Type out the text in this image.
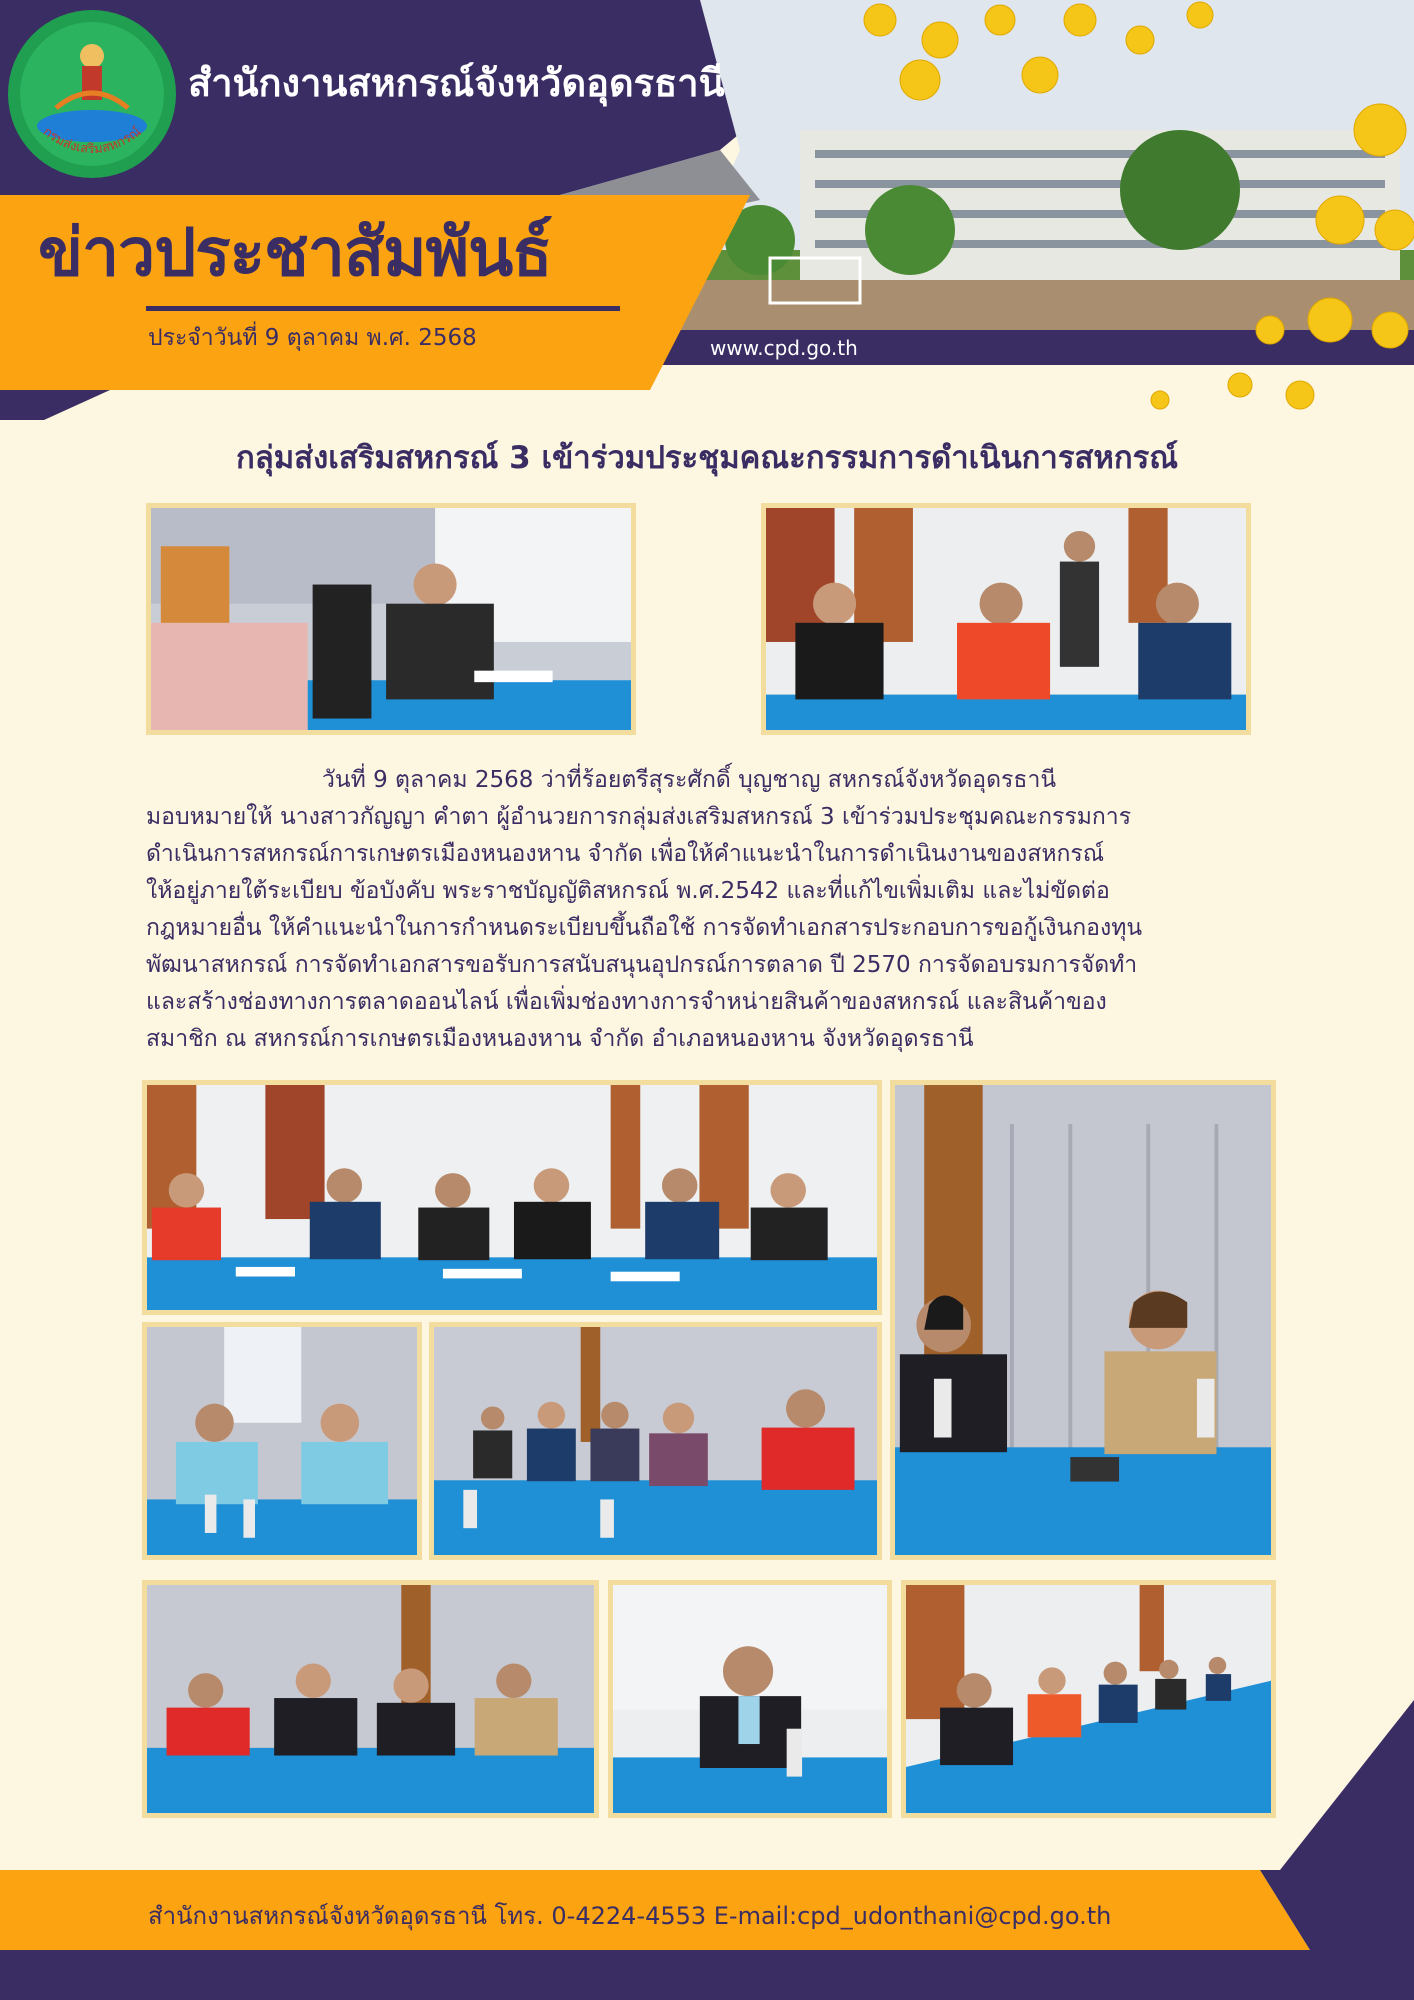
กรมส่งเสริมสหกรณ์
สำนักงานสหกรณ์จังหวัดอุดรธานี
ข่าวประชาสัมพันธ์
ประจำวันที่ 9 ตุลาคม พ.ศ. 2568	www.cpd.go.th
กลุ่มส่งเสริมสหกรณ์ 3 เข้าร่วมประชุมคณะกรรมการดำเนินการสหกรณ์
วันที่ 9 ตุลาคม 2568 ว่าที่ร้อยตรีสุระศักดิ์ บุญชาญ สหกรณ์จังหวัดอุดรธานี
มอบหมายให้ นางสาวกัญญา คำตา ผู้อำนวยการกลุ่มส่งเสริมสหกรณ์ 3 เข้าร่วมประชุมคณะกรรมการ
ดำเนินการสหกรณ์การเกษตรเมืองหนองหาน จำกัด เพื่อให้คำแนะนำในการดำเนินงานของสหกรณ์
ให้อยู่ภายใต้ระเบียบ ข้อบังคับ พระราชบัญญัติสหกรณ์ พ.ศ.2542 และที่แก้ไขเพิ่มเติม และไม่ขัดต่อ
กฎหมายอื่น ให้คำแนะนำในการกำหนดระเบียบขึ้นถือใช้ การจัดทำเอกสารประกอบการขอกู้เงินกองทุน
พัฒนาสหกรณ์ การจัดทำเอกสารขอรับการสนับสนุนอุปกรณ์การตลาด ปี 2570 การจัดอบรมการจัดทำ
และสร้างช่องทางการตลาดออนไลน์ เพื่อเพิ่มช่องทางการจำหน่ายสินค้าของสหกรณ์ และสินค้าของ
สมาชิก ณ สหกรณ์การเกษตรเมืองหนองหาน จำกัด อำเภอหนองหาน จังหวัดอุดรธานี
สำนักงานสหกรณ์จังหวัดอุดรธานี โทร. 0-4224-4553 E-mail:cpd_udonthani@cpd.go.th
